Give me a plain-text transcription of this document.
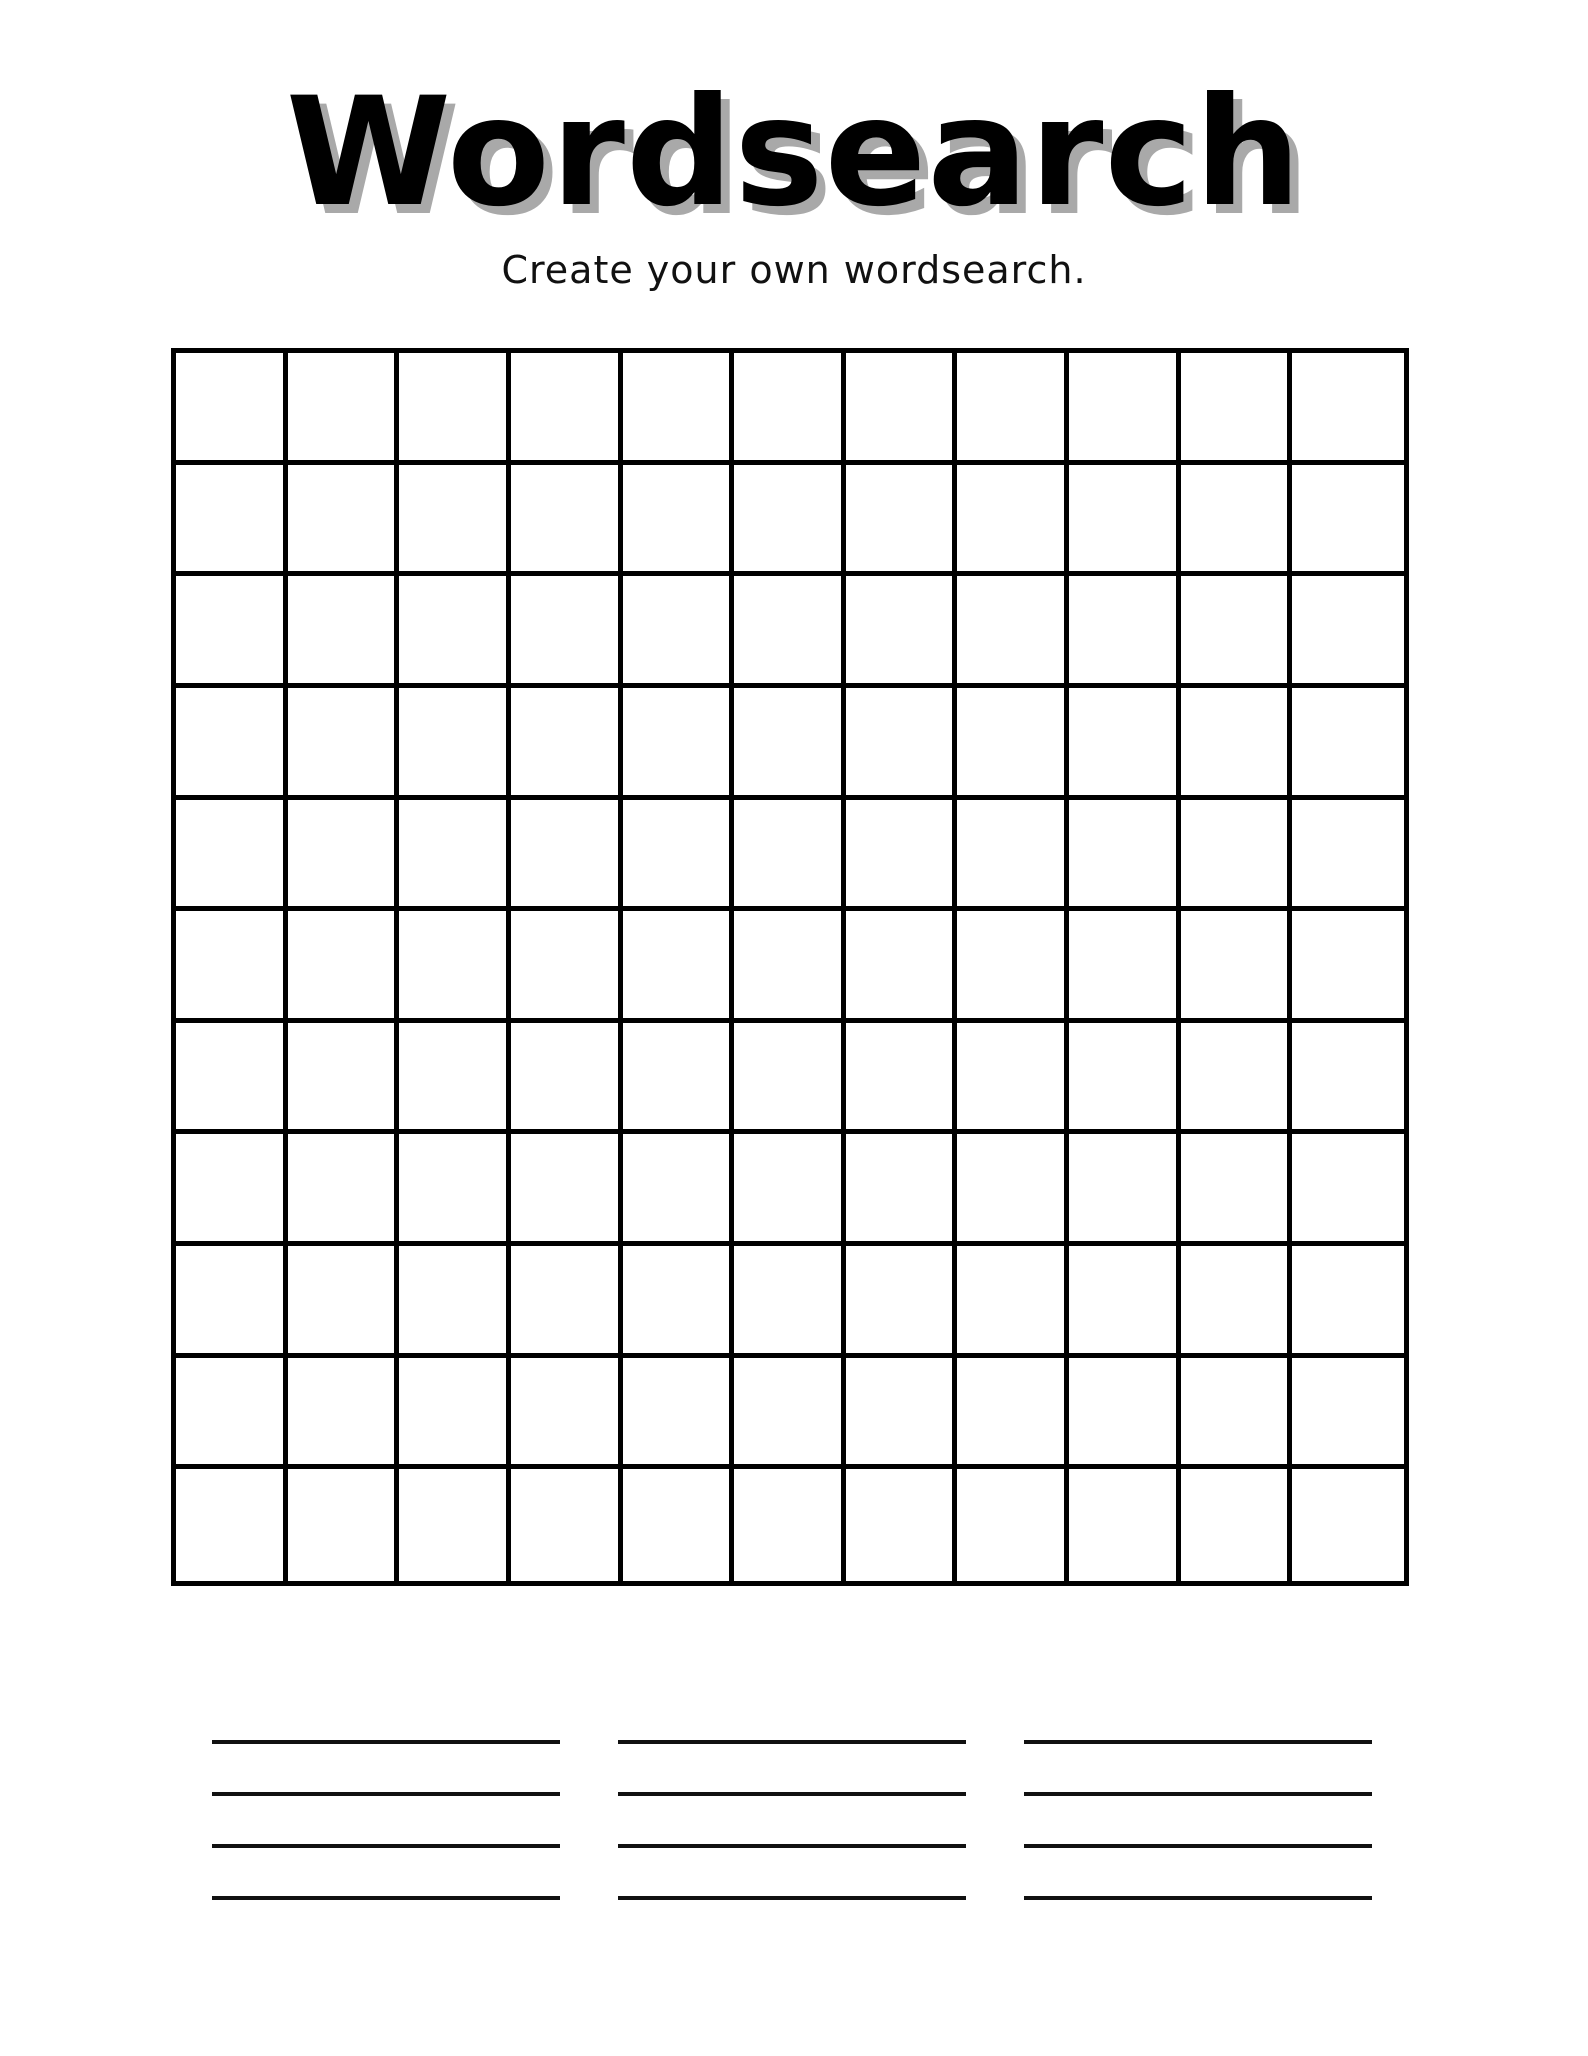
Wordsearch

Create your own wordsearch.
